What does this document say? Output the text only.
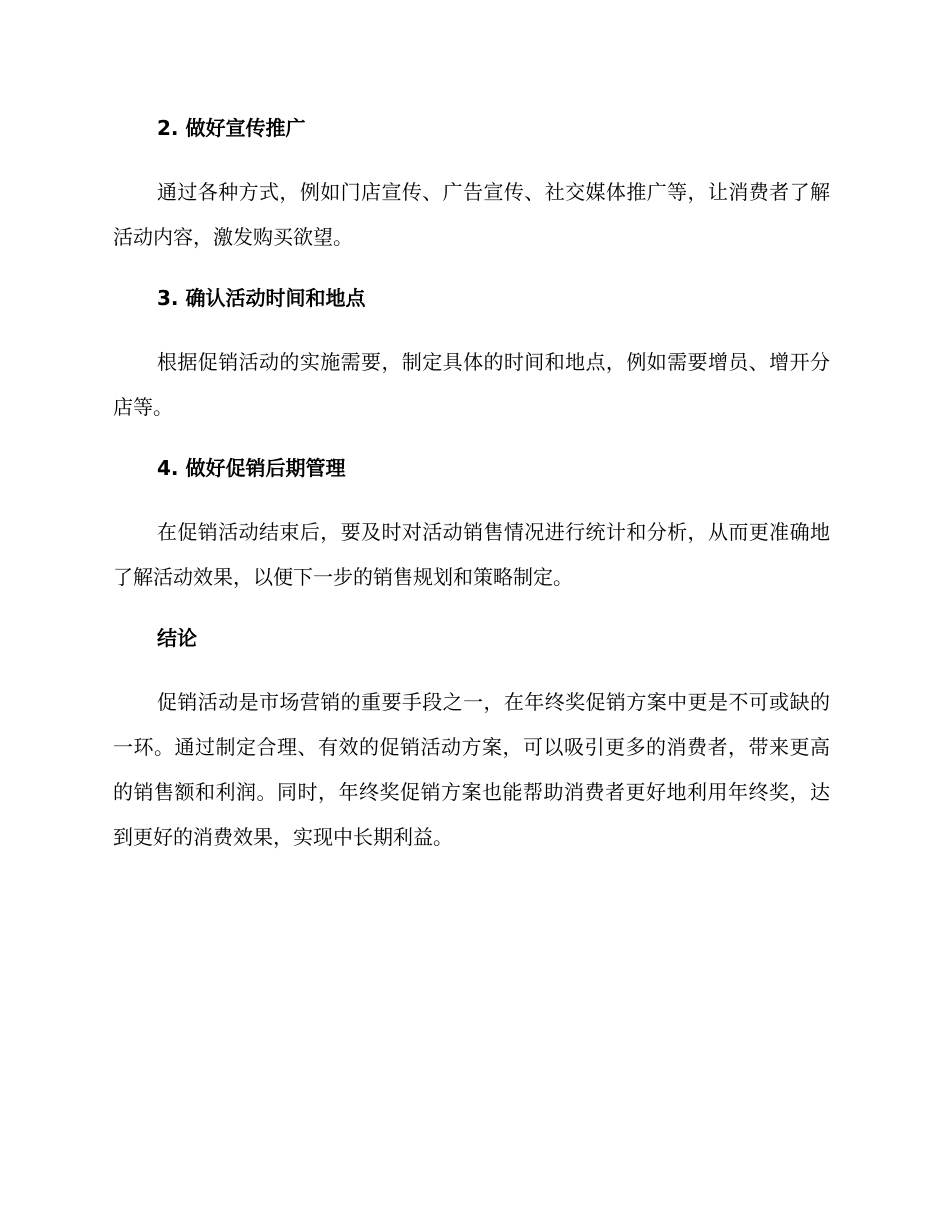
2. 做好宣传推广

通过各种方式，例如门店宣传、广告宣传、社交媒体推广等，让消费者了解活动内容，激发购买欲望。

3. 确认活动时间和地点

根据促销活动的实施需要，制定具体的时间和地点，例如需要增员、增开分店等。

4. 做好促销后期管理

在促销活动结束后，要及时对活动销售情况进行统计和分析，从而更准确地了解活动效果，以便下一步的销售规划和策略制定。

结论

促销活动是市场营销的重要手段之一，在年终奖促销方案中更是不可或缺的一环。通过制定合理、有效的促销活动方案，可以吸引更多的消费者，带来更高的销售额和利润。同时，年终奖促销方案也能帮助消费者更好地利用年终奖，达到更好的消费效果，实现中长期利益。
